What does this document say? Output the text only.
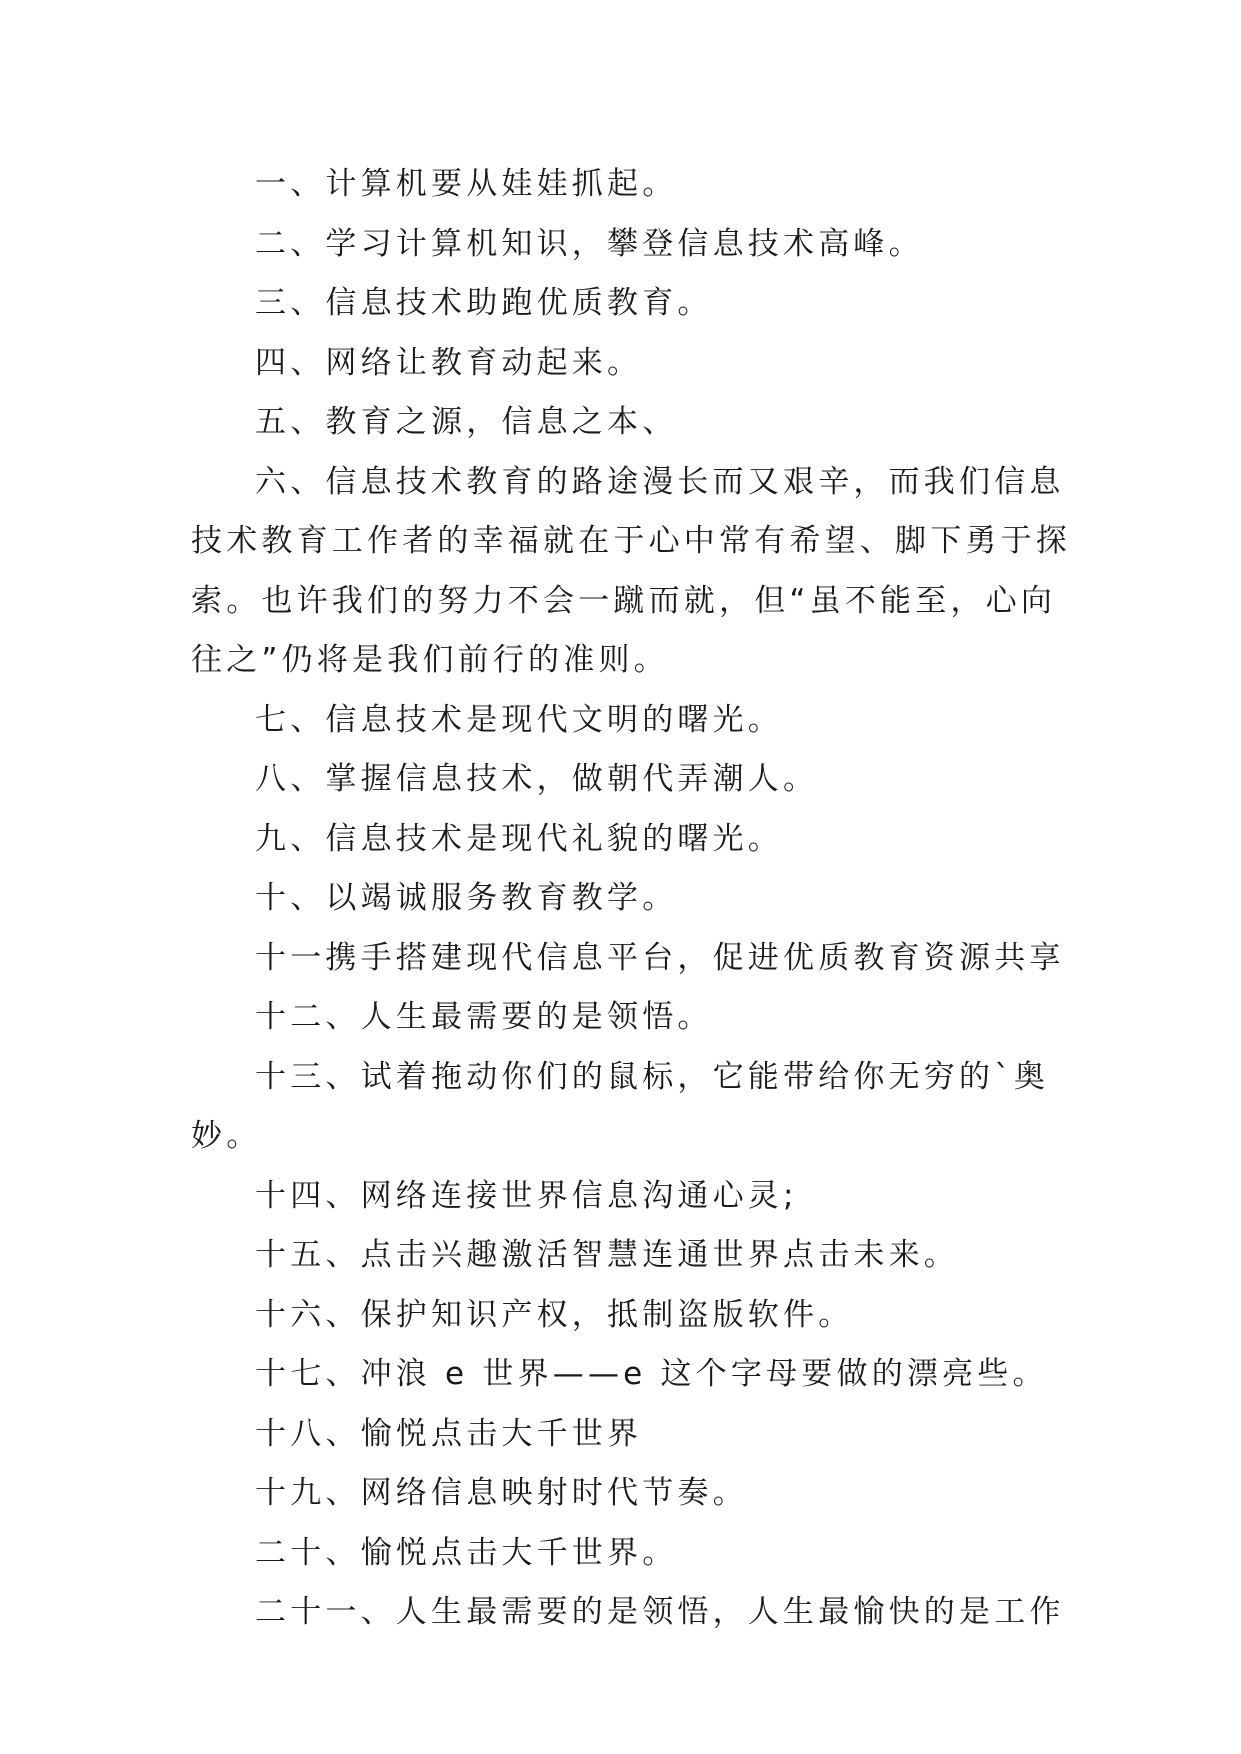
一、计算机要从娃娃抓起。

二、学习计算机知识，攀登信息技术高峰。

三、信息技术助跑优质教育。

四、网络让教育动起来。

五、教育之源，信息之本、

六、信息技术教育的路途漫长而又艰辛，而我们信息技术教育工作者的幸福就在于心中常有希望、脚下勇于探索。也许我们的努力不会一蹴而就，但“虽不能至，心向往之”仍将是我们前行的准则。

七、信息技术是现代文明的曙光。

八、掌握信息技术，做朝代弄潮人。

九、信息技术是现代礼貌的曙光。

十、以竭诚服务教育教学。

十一携手搭建现代信息平台，促进优质教育资源共享

十二、人生最需要的是领悟。

十三、试着拖动你们的鼠标，它能带给你无穷的`奥妙。

十四、网络连接世界信息沟通心灵;

十五、点击兴趣激活智慧连通世界点击未来。

十六、保护知识产权，抵制盗版软件。

十七、冲浪 e 世界——e 这个字母要做的漂亮些。

十八、愉悦点击大千世界

十九、网络信息映射时代节奏。

二十、愉悦点击大千世界。

二十一、人生最需要的是领悟，人生最愉快的是工作
